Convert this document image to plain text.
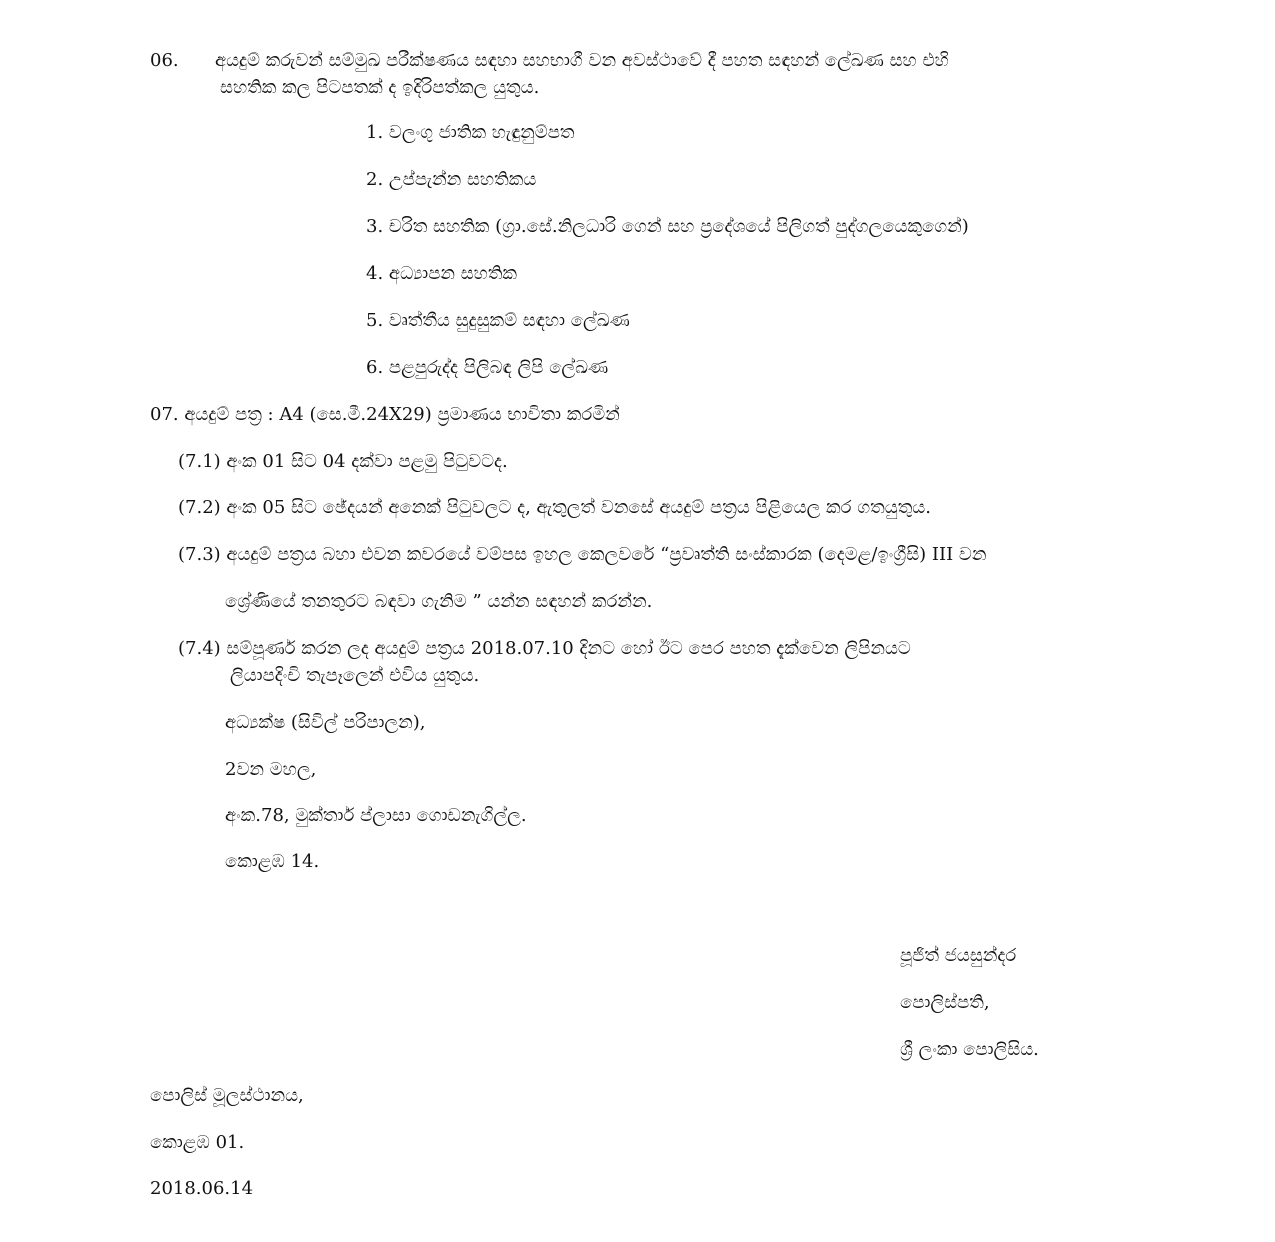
06. අයදුම් කරුවන් සම්මුඛ පරීක්ෂණය සඳහා සහභාගී වන අවස්ථාවේ දී පහත සඳහන් ලේඛණ සහ එහි
සහතික කල පිටපතක් ද ඉදිරිපත්කල යුතුය.
1. වලංගු ජාතික හැඳුනුම්පත
2. උප්පැන්න සහතිකය
3. චරිත සහතික (ග්‍රා.සේ.නිලධාරි ගෙන් සහ ප්‍රදේශයේ පිලිගත් පුද්ගලයෙකුගෙන්)
4. අධ්‍යාපන සහතික
5. වෘත්තීය සුදුසුකම් සඳහා ලේඛණ
6. පළපුරුද්ද පිලිබඳ ලිපි ලේඛණ
07. අයදුම් පත්‍ර : A4 (සෙ.මී.24X29) ප්‍රමාණය භාවිතා කරමින්
(7.1) අංක 01 සිට 04 දක්වා පළමු පිටුවටද.
(7.2) අංක 05 සිට ඡේදයන් අනෙක් පිටුවලට ද, ඇතුලත් වනසේ අයදුම් පත්‍රය පිළියෙල කර ගතයුතුය.
(7.3) අයදුම් පත්‍රය බහා එවන කවරයේ වම්පස ඉහල කෙලවරේ “ප්‍රවෘත්ති සංස්කාරක (දෙමළ/ඉංග්‍රීසි) III වන
ශ්‍රේණියේ තනතුරට බඳවා ගැනිම ” යන්න සඳහන් කරන්න.
(7.4) සම්පූර්ණ කරන ලද අයදුම් පත්‍රය 2018.07.10 දිනට හෝ ඊට පෙර පහත දැක්වෙන ලිපිනයට
ලියාපදිංචි තැපෑලෙන් එවිය යුතුය.
අධ්‍යක්ෂ (සිවිල් පරිපාලන),
2වන මහල,
අංක.78, මුක්තාර් ප්ලාසා ගොඩනැගිල්ල.
කොළඹ 14.
පූජිත් ජයසුන්දර
පොලිස්පති,
ශ්‍රී ලංකා පොලිසිය.
පොලිස් මූලස්ථානය,
කොළඹ 01.
2018.06.14
